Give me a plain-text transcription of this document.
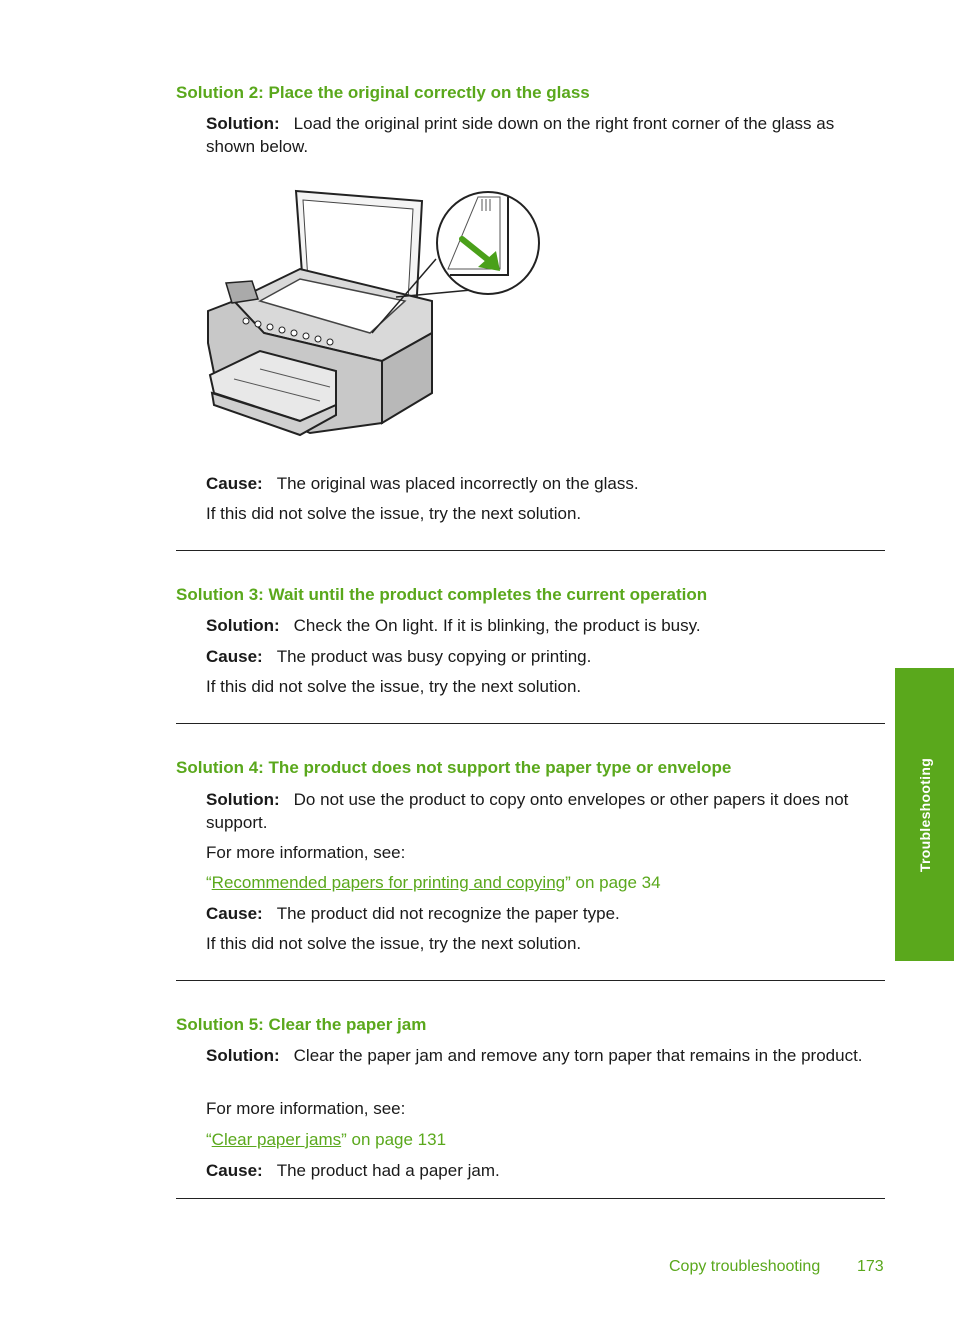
Solution 2: Place the original correctly on the glass

Solution: Load the original print side down on the right front corner of the glass as shown below.

Cause: The original was placed incorrectly on the glass.

If this did not solve the issue, try the next solution.

Solution 3: Wait until the product completes the current operation

Solution: Check the On light. If it is blinking, the product is busy.

Cause: The product was busy copying or printing.

If this did not solve the issue, try the next solution.

Solution 4: The product does not support the paper type or envelope

Solution: Do not use the product to copy onto envelopes or other papers it does not support.

For more information, see:

“Recommended papers for printing and copying” on page 34

Cause: The product did not recognize the paper type.

If this did not solve the issue, try the next solution.

Solution 5: Clear the paper jam

Solution: Clear the paper jam and remove any torn paper that remains in the product.

For more information, see:

“Clear paper jams” on page 131

Cause: The product had a paper jam.

Troubleshooting
Copy troubleshooting 173
